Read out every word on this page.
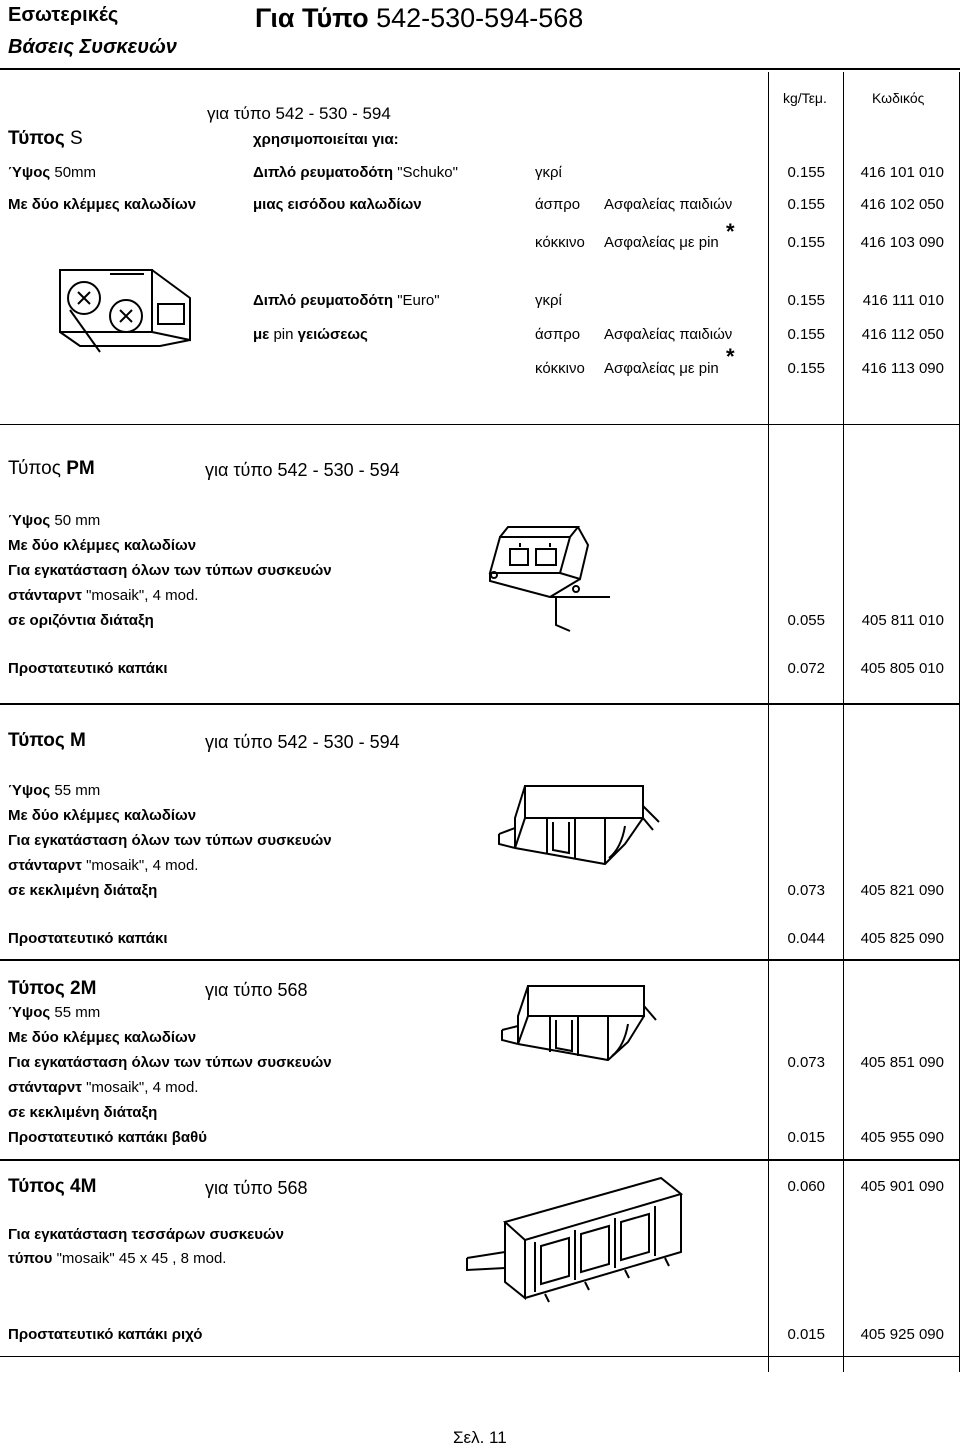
Εσωτερικές
Βάσεις Συσκευών
Για Τύπο 542-530-594-568
kg/Τεμ.	Κωδικός
για τύπο 542 - 530 - 594
Τύπος S	χρησιμοποιείται για:
Ύψος 50mm
Με δύο κλέμμες καλωδίων
Διπλό ρευματοδότη "Schuko"	γκρί	0.155	416 101 010
μιας εισόδου καλωδίων	άσπρο Ασφαλείας παιδιών	0.155	416 102 050
κόκκινο Ασφαλείας με pin *	0.155	416 103 090
Διπλό ρευματοδότη "Euro"	γκρί	0.155	416 111 010
με pin γειώσεως	άσπρο Ασφαλείας παιδιών	0.155	416 112 050
κόκκινο Ασφαλείας με pin *	0.155	416 113 090
Τύπος PM	για τύπο 542 - 530 - 594
Ύψος 50 mm
Με δύο κλέμμες καλωδίων
Για εγκατάσταση όλων των τύπων συσκευών
στάνταρντ "mosaik", 4 mod.
σε οριζόντια διάταξη	0.055	405 811 010
Προστατευτικό καπάκι	0.072	405 805 010
Τύπος M	για τύπο 542 - 530 - 594
Ύψος 55 mm
Με δύο κλέμμες καλωδίων
Για εγκατάσταση όλων των τύπων συσκευών
στάνταρντ "mosaik", 4 mod.
σε κεκλιμένη διάταξη	0.073	405 821 090
Προστατευτικό καπάκι	0.044	405 825 090
Τύπος 2M	για τύπο 568
Ύψος 55 mm
Με δύο κλέμμες καλωδίων
Για εγκατάσταση όλων των τύπων συσκευών	0.073	405 851 090
στάνταρντ "mosaik", 4 mod.
σε κεκλιμένη διάταξη
Προστατευτικό καπάκι βαθύ	0.015	405 955 090
Τύπος 4M	για τύπο 568	0.060	405 901 090
Για εγκατάσταση τεσσάρων συσκευών
τύπου "mosaik" 45 x 45 , 8 mod.
Προστατευτικό καπάκι ριχό	0.015	405 925 090
Σελ. 11
